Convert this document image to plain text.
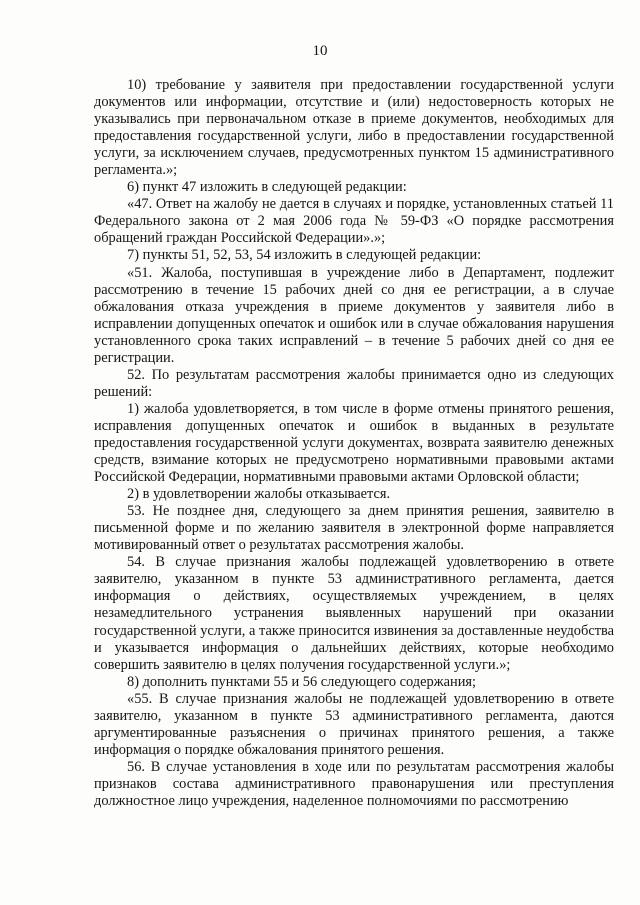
10

10) требование у заявителя при предоставлении государственной услуги документов или информации, отсутствие и (или) недостоверность которых не указывались при первоначальном отказе в приеме документов, необходимых для предоставления государственной услуги, либо в предоставлении государственной услуги, за исключением случаев, предусмотренных пунктом 15 административного регламента.»;

6) пункт 47 изложить в следующей редакции:

«47. Ответ на жалобу не дается в случаях и порядке, установленных статьей 11 Федерального закона от 2 мая 2006 года № 59-ФЗ «О порядке рассмотрения обращений граждан Российской Федерации».»;

7) пункты 51, 52, 53, 54 изложить в следующей редакции:

«51. Жалоба, поступившая в учреждение либо в Департамент, подлежит рассмотрению в течение 15 рабочих дней со дня ее регистрации, а в случае обжалования отказа учреждения в приеме документов у заявителя либо в исправлении допущенных опечаток и ошибок или в случае обжалования нарушения установленного срока таких исправлений – в течение 5 рабочих дней со дня ее регистрации.

52. По результатам рассмотрения жалобы принимается одно из следующих решений:

1) жалоба удовлетворяется, в том числе в форме отмены принятого решения, исправления допущенных опечаток и ошибок в выданных в результате предоставления государственной услуги документах, возврата заявителю денежных средств, взимание которых не предусмотрено нормативными правовыми актами Российской Федерации, нормативными правовыми актами Орловской области;

2) в удовлетворении жалобы отказывается.

53. Не позднее дня, следующего за днем принятия решения, заявителю в письменной форме и по желанию заявителя в электронной форме направляется мотивированный ответ о результатах рассмотрения жалобы.

54. В случае признания жалобы подлежащей удовлетворению в ответе заявителю, указанном в пункте 53 административного регламента, дается информация о действиях, осуществляемых учреждением, в целях незамедлительного устранения выявленных нарушений при оказании государственной услуги, а также приносится извинения за доставленные неудобства и указывается информация о дальнейших действиях, которые необходимо совершить заявителю в целях получения государственной услуги.»;

8) дополнить пунктами 55 и 56 следующего содержания;

«55. В случае признания жалобы не подлежащей удовлетворению в ответе заявителю, указанном в пункте 53 административного регламента, даются аргументированные разъяснения о причинах принятого решения, а также информация о порядке обжалования принятого решения.

56. В случае установления в ходе или по результатам рассмотрения жалобы признаков состава административного правонарушения или преступления должностное лицо учреждения, наделенное полномочиями по рассмотрению
